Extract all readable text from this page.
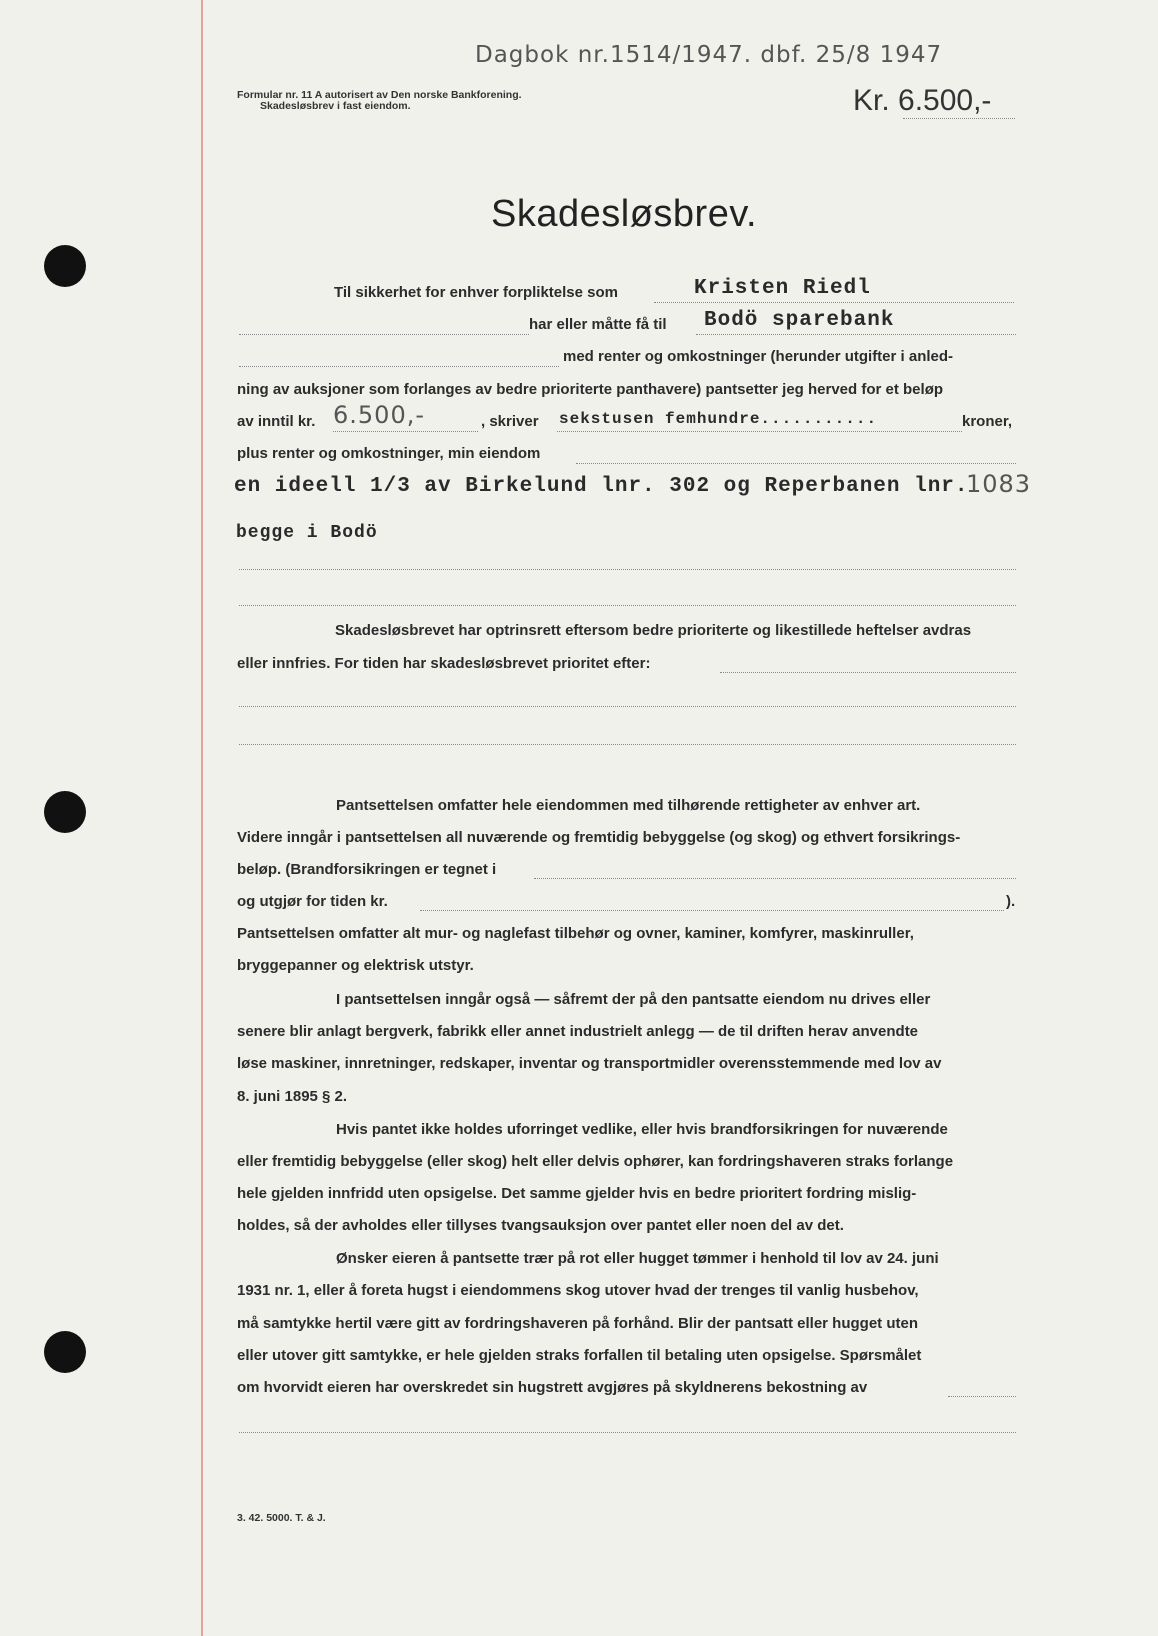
Dagbok nr.1514/1947. dbf. 25/8 1947
Formular nr. 11 A autorisert av Den norske Bankforening.
Skadesløsbrev i fast eiendom.	Kr. 6.500,-
Skadesløsbrev.
Til sikkerhet for enhver forpliktelse som	Kristen Riedl
har eller måtte få til Bodö sparebank
med renter og omkostninger (herunder utgifter i anled-
ning av auksjoner som forlanges av bedre prioriterte panthavere) pantsetter jeg herved for et beløp
av inntil kr. 6.500,-	, skriver sekstusen femhundre...........	kroner,
plus renter og omkostninger, min eiendom
en ideell 1/3 av Birkelund lnr. 302 og Reperbanen lnr.
1083
begge i Bodö
Skadesløsbrevet har optrinsrett eftersom bedre prioriterte og likestillede heftelser avdras
eller innfries. For tiden har skadesløsbrevet prioritet efter:
Pantsettelsen omfatter hele eiendommen med tilhørende rettigheter av enhver art.
Videre inngår i pantsettelsen all nuværende og fremtidig bebyggelse (og skog) og ethvert forsikrings-
beløp. (Brandforsikringen er tegnet i
og utgjør for tiden kr.	).
Pantsettelsen omfatter alt mur- og naglefast tilbehør og ovner, kaminer, komfyrer, maskinruller,
bryggepanner og elektrisk utstyr.
I pantsettelsen inngår også — såfremt der på den pantsatte eiendom nu drives eller
senere blir anlagt bergverk, fabrikk eller annet industrielt anlegg — de til driften herav anvendte
løse maskiner, innretninger, redskaper, inventar og transportmidler overensstemmende med lov av
8. juni 1895 § 2.
Hvis pantet ikke holdes uforringet vedlike, eller hvis brandforsikringen for nuværende
eller fremtidig bebyggelse (eller skog) helt eller delvis ophører, kan fordringshaveren straks forlange
hele gjelden innfridd uten opsigelse. Det samme gjelder hvis en bedre prioritert fordring mislig-
holdes, så der avholdes eller tillyses tvangsauksjon over pantet eller noen del av det.
Ønsker eieren å pantsette trær på rot eller hugget tømmer i henhold til lov av 24. juni
1931 nr. 1, eller å foreta hugst i eiendommens skog utover hvad der trenges til vanlig husbehov,
må samtykke hertil være gitt av fordringshaveren på forhånd. Blir der pantsatt eller hugget uten
eller utover gitt samtykke, er hele gjelden straks forfallen til betaling uten opsigelse. Spørsmålet
om hvorvidt eieren har overskredet sin hugstrett avgjøres på skyldnerens bekostning av
3. 42. 5000. T. & J.
